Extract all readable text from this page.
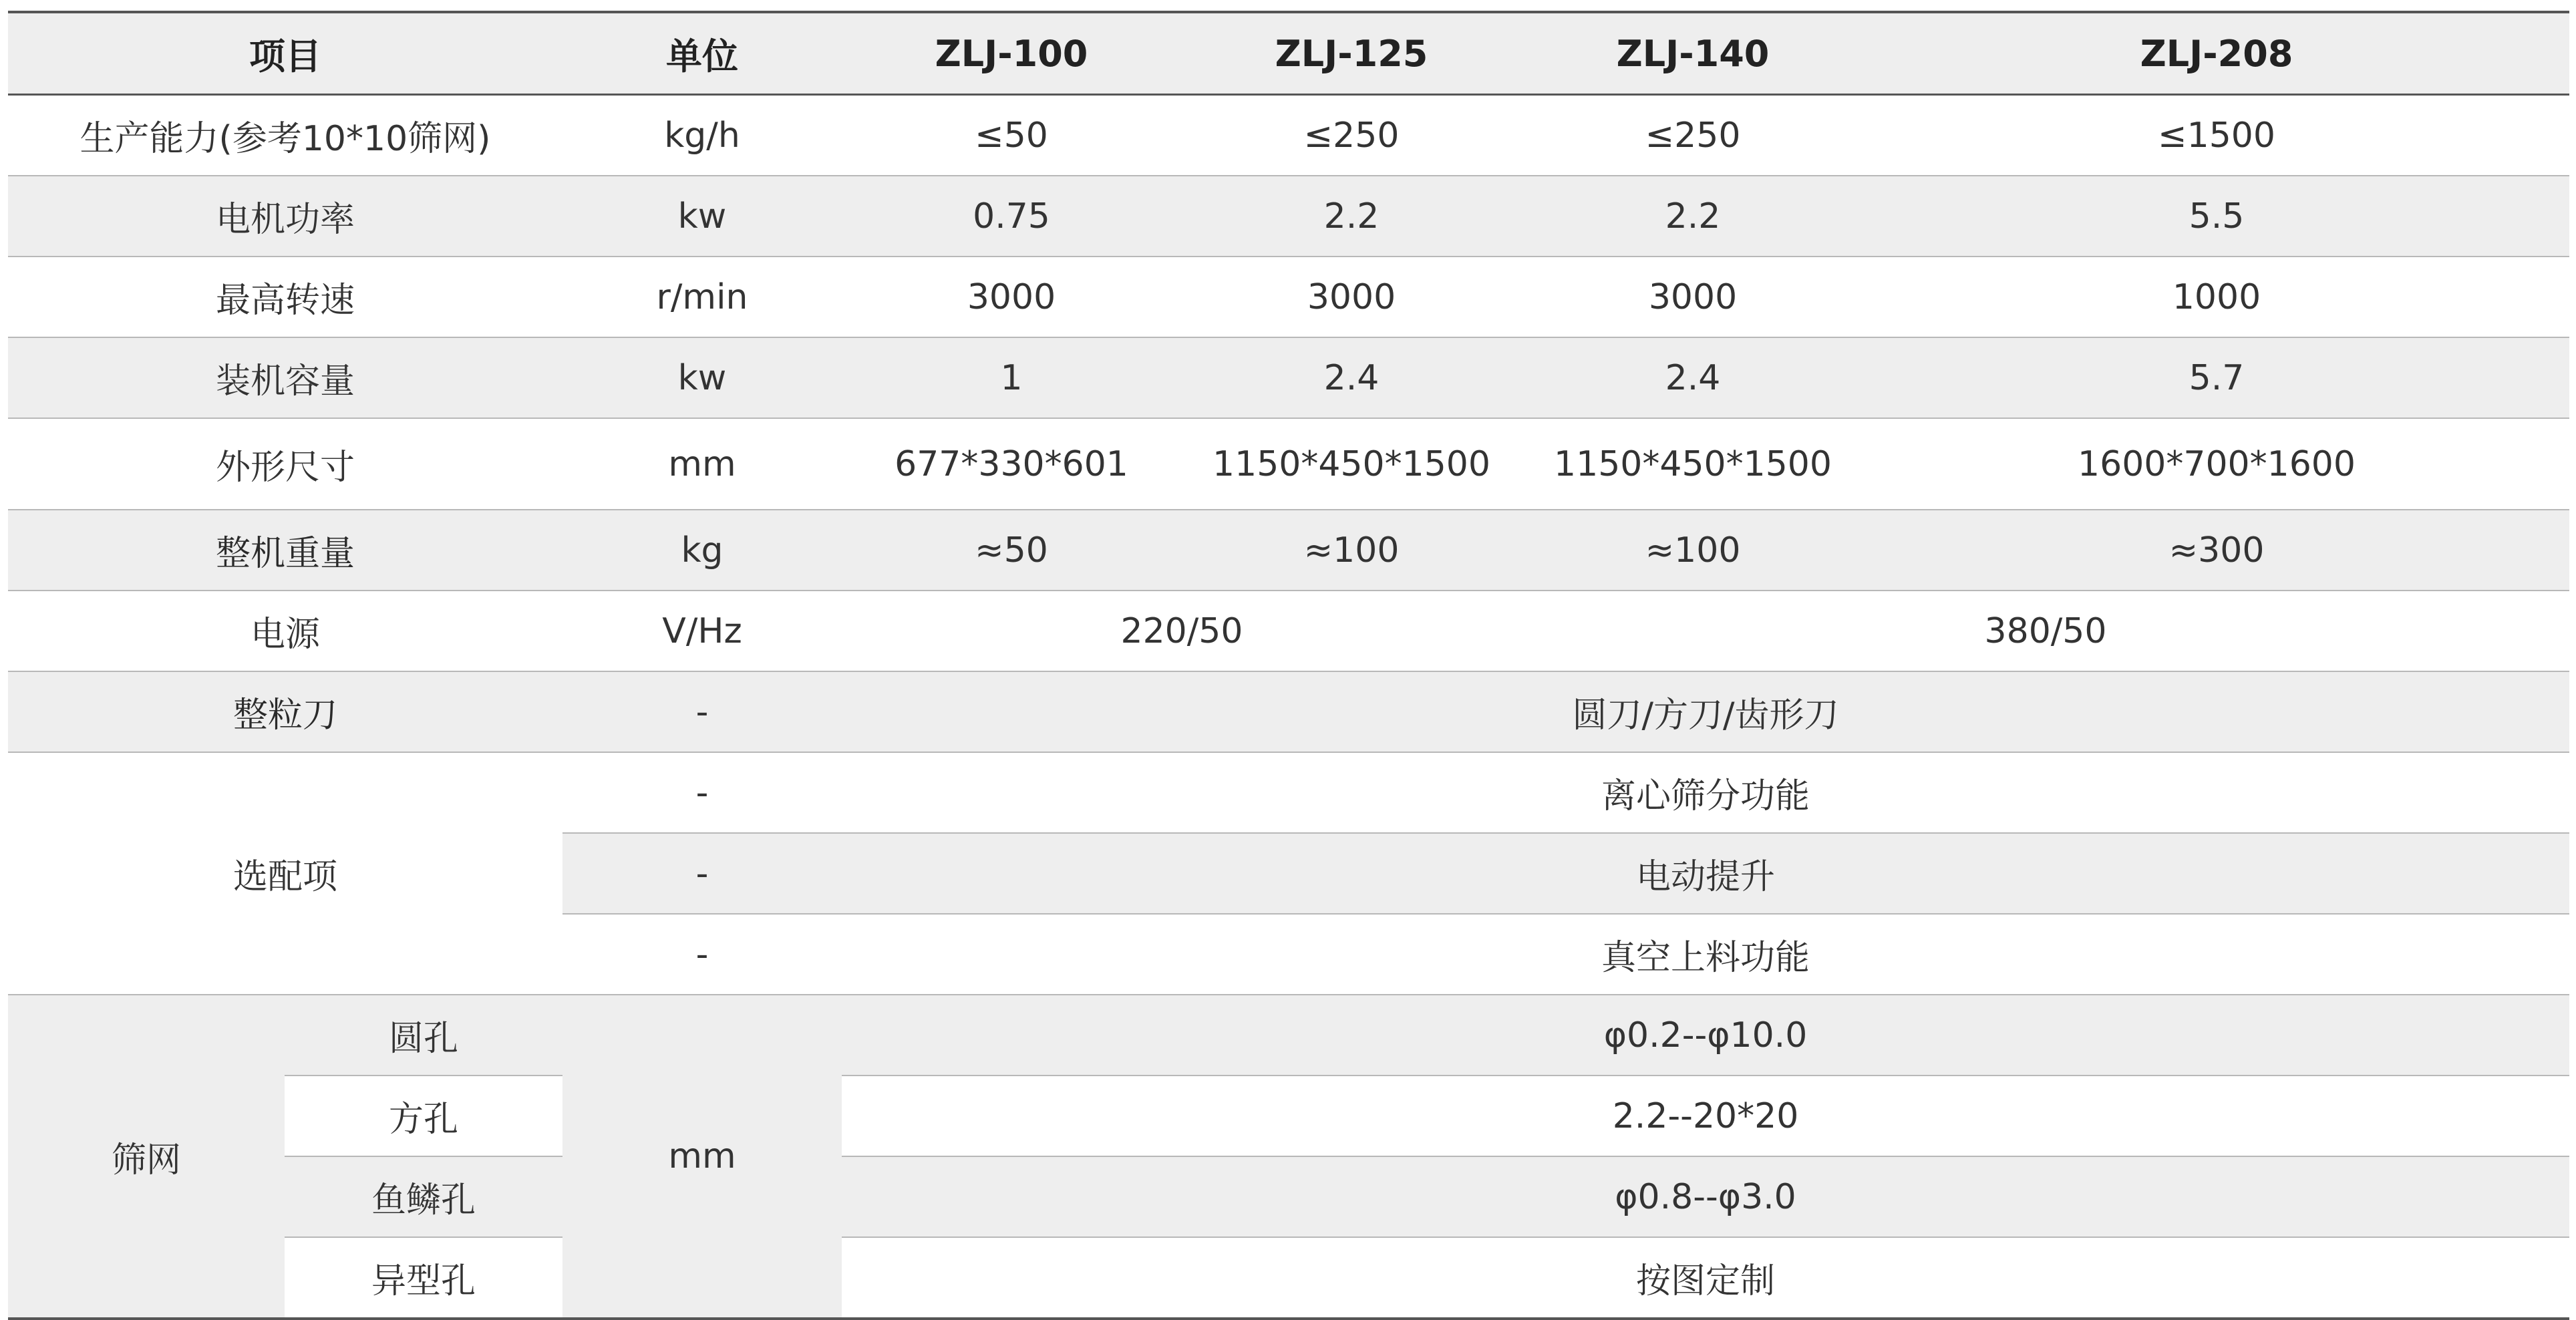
项目		单位	ZLJ-100	ZLJ-125	ZLJ-140	ZLJ-208	
生产能力(参考10*10筛网)		kg/h	≤50	≤250	≤250	≤1500	
电机功率		kw	0.75	2.2	2.2	5.5	
最高转速		r/min	3000	3000	3000	1000	
装机容量		kw	1	2.4	2.4	5.7	
外形尺寸		mm	677*330*601	1150*450*1500	1150*450*1500	1600*700*1600	
整机重量		kg	≈50	≈100	≈100	≈300	
电源		V/Hz	220/50		380/50		
整粒刀		-	圆刀/方刀/齿形刀				
选配项		-	离心筛分功能				
		-	电动提升				
		-	真空上料功能				
筛网	圆孔	mm	φ0.2--φ10.0				
	方孔		2.2--20*20				
	鱼鳞孔		φ0.8--φ3.0				
	异型孔		按图定制				
